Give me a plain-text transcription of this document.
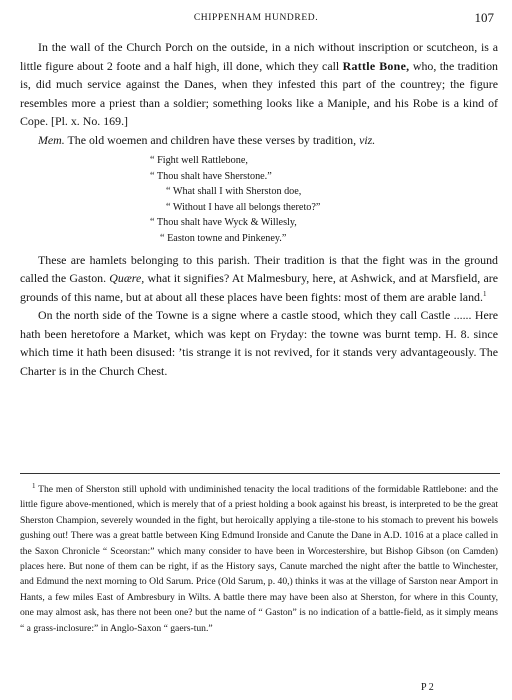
CHIPPENHAM HUNDRED.	107

In the wall of the Church Porch on the outside, in a nich without inscription or scutcheon, is a little figure about 2 foote and a half high, ill done, which they call Rattle Bone, who, the tradition is, did much service against the Danes, when they infested this part of the countrey; the figure resembles more a priest than a soldier; something looks like a Maniple, and his Robe is a kind of Cope. [Pl. x. No. 169.]

Mem. The old woemen and children have these verses by tradition, viz.

“ Fight well Rattlebone,
“ Thou shalt have Sherstone.”
“ What shall I with Sherston doe,
“ Without I have all belongs thereto?”
“ Thou shalt have Wyck & Willesly,
“ Easton towne and Pinkeney.”

These are hamlets belonging to this parish. Their tradition is that the fight was in the ground called the Gaston. Quære, what it signifies? At Malmesbury, here, at Ashwick, and at Marsfield, are grounds of this name, but at about all these places have been fights: most of them are arable land.$^1$

On the north side of the Towne is a signe where a castle stood, which they call Castle ...... Here hath been heretofore a Market, which was kept on Fryday: the towne was burnt temp. H. 8. since which time it hath been disused: ’tis strange it is not revived, for it stands very advantageously. The Charter is in the Church Chest.

$^1$ The men of Sherston still uphold with undiminished tenacity the local traditions of the formidable Rattlebone: and the little figure above-mentioned, which is merely that of a priest holding a book against his breast, is interpreted to be the great Sherston Champion, severely wounded in the fight, but heroically applying a tile-stone to his stomach to prevent his bowels gushing out! There was a great battle between King Edmund Ironside and Canute the Dane in A.D. 1016 at a place called in the Saxon Chronicle “ Sceorstan:” which many consider to have been in Worcestershire, but Bishop Gibson (on Camden) places here. But none of them can be right, if as the History says, Canute marched the night after the battle to Winchester, and Edmund the next morning to Old Sarum. Price (Old Sarum, p. 40,) thinks it was at the village of Sarston near Amport in Hants, a few miles East of Ambresbury in Wilts. A battle there may have been also at Sherston, for where in this County, one may almost ask, has there not been one? but the name of “ Gaston” is no indication of a battle-field, as it simply means “ a grass-inclosure:” in Anglo-Saxon “ gaers-tun.”

P 2
